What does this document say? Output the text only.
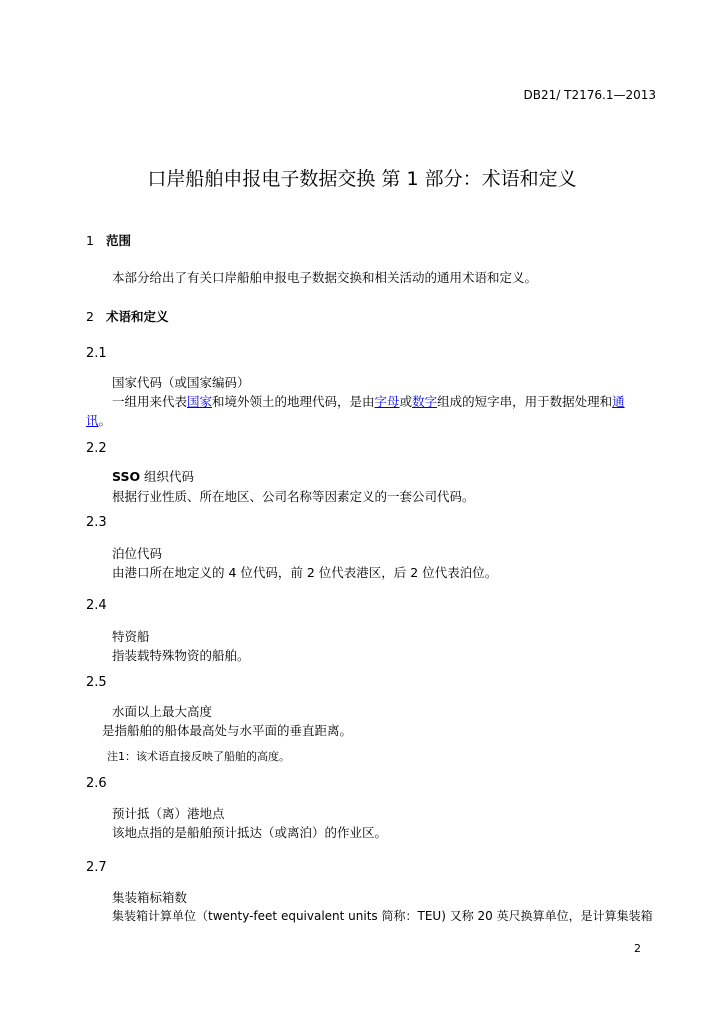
DB21/ T2176.1—2013
口岸船舶申报电子数据交换 第 1 部分：术语和定义
1 范围
本部分给出了有关口岸船舶申报电子数据交换和相关活动的通用术语和定义。
2 术语和定义
2.1
国家代码（或国家编码）
一组用来代表国家和境外领土的地理代码，是由字母或数字组成的短字串，用于数据处理和通
讯。
2.2
SSO 组织代码
根据行业性质、所在地区、公司名称等因素定义的一套公司代码。
2.3
泊位代码
由港口所在地定义的 4 位代码，前 2 位代表港区，后 2 位代表泊位。
2.4
特资船
指装载特殊物资的船舶。
2.5
水面以上最大高度
是指船舶的船体最高处与水平面的垂直距离。
注1：该术语直接反映了船舶的高度。
2.6
预计抵（离）港地点
该地点指的是船舶预计抵达（或离泊）的作业区。
2.7
集装箱标箱数
集装箱计算单位（twenty-feet equivalent units 简称：TEU) 又称 20 英尺换算单位，是计算集装箱
2
